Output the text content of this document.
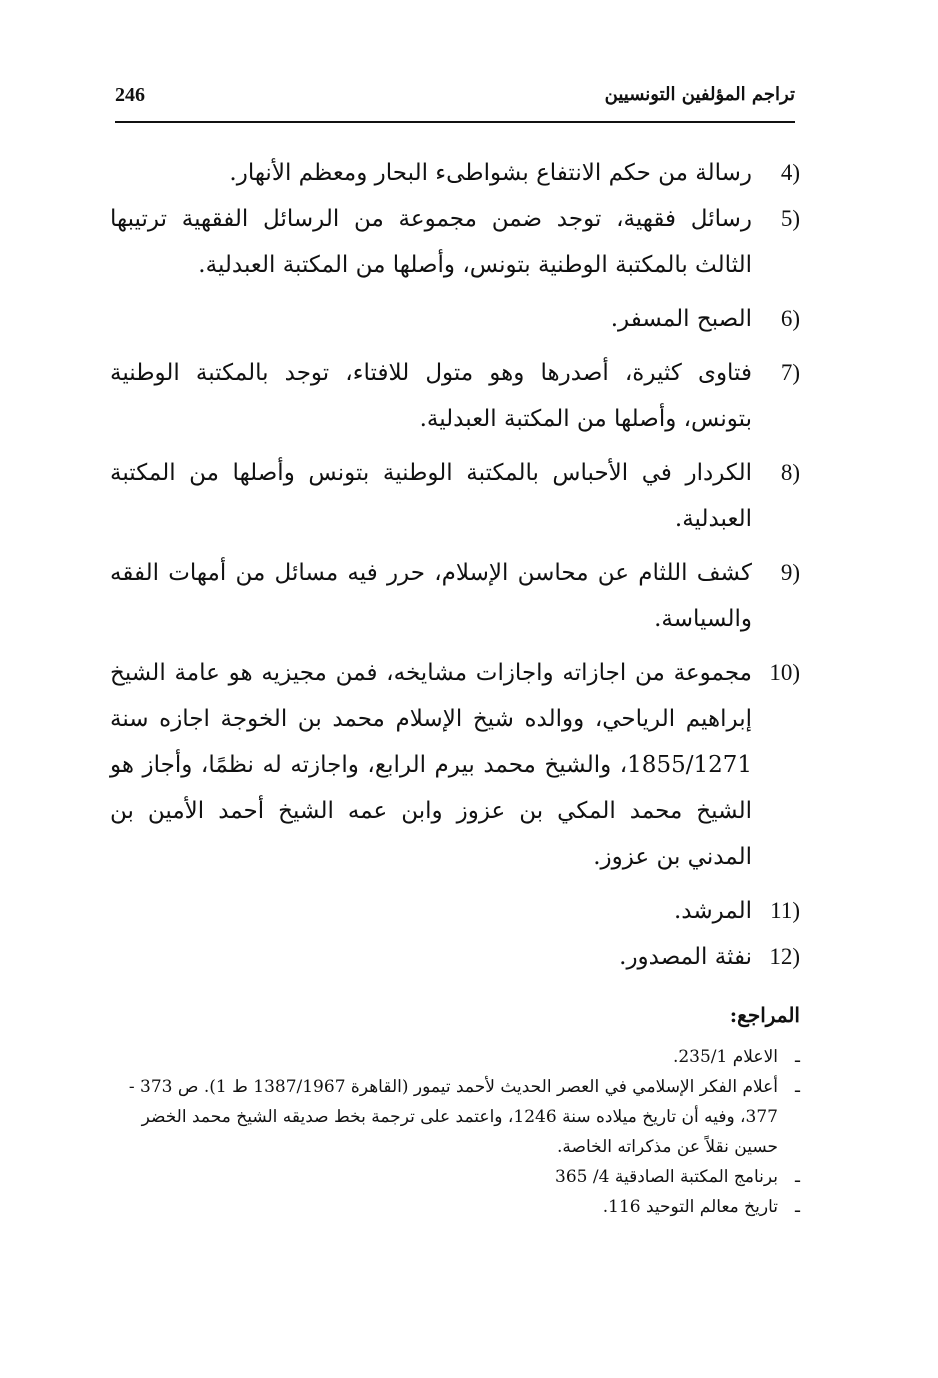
246	تراجم المؤلفين التونسيين
(4
رسالة من حكم الانتفاع بشواطىء البحار ومعظم الأنهار.
(5
رسائل فقهية، توجد ضمن مجموعة من الرسائل الفقهية ترتيبها الثالث بالمكتبة الوطنية بتونس، وأصلها من المكتبة العبدلية.
(6
الصبح المسفر.
(7
فتاوى كثيرة، أصدرها وهو متول للافتاء، توجد بالمكتبة الوطنية بتونس، وأصلها من المكتبة العبدلية.
(8
الكردار في الأحباس بالمكتبة الوطنية بتونس وأصلها من المكتبة العبدلية.
(9
كشف اللثام عن محاسن الإسلام، حرر فيه مسائل من أمهات الفقه والسياسة.
(10
مجموعة من اجازاته واجازات مشايخه، فمن مجيزيه هو عامة الشيخ إبراهيم الرياحي، ووالده شيخ الإسلام محمد بن الخوجة اجازه سنة 1855/1271، والشيخ محمد بيرم الرابع، واجازته له نظمًا، وأجاز هو الشيخ محمد المكي بن عزوز وابن عمه الشيخ أحمد الأمين بن المدني بن عزوز.
(11
المرشد.
(12
نفثة المصدور.
المراجع:
ـ
الاعلام 235/1.
ـ
أعلام الفكر الإسلامي في العصر الحديث لأحمد تيمور (القاهرة 1387/1967 ط 1). ص 373 - 377، وفيه أن تاريخ ميلاده سنة 1246، واعتمد على ترجمة بخط صديقه الشيخ محمد الخضر حسين نقلاً عن مذكراته الخاصة.
ـ
برنامج المكتبة الصادقية 4/ 365
ـ
تاريخ معالم التوحيد 116.
